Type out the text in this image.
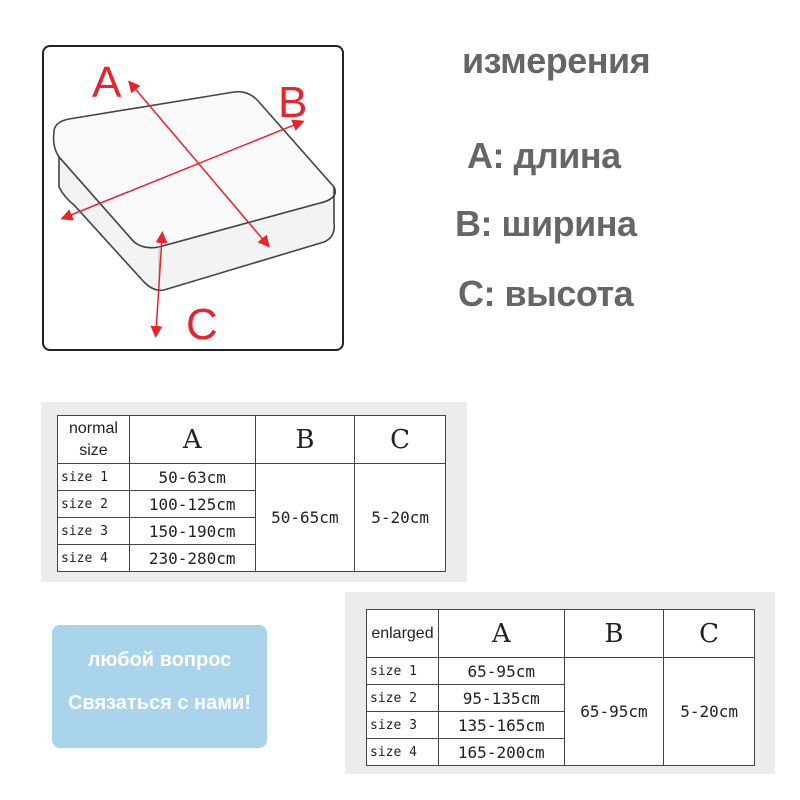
A	B
C
измерения
A: длина
B: ширина
C: высота
normal
size	A	B	C
size 1	50-63cm	50-65cm	5-20cm
size 2	100-125cm		
size 3	150-190cm		
size 4	230-280cm		
любой вопрос
Связаться с нами!
enlarged	A	B	C
size 1	65-95cm	65-95cm	5-20cm
size 2	95-135cm		
size 3	135-165cm		
size 4	165-200cm		
